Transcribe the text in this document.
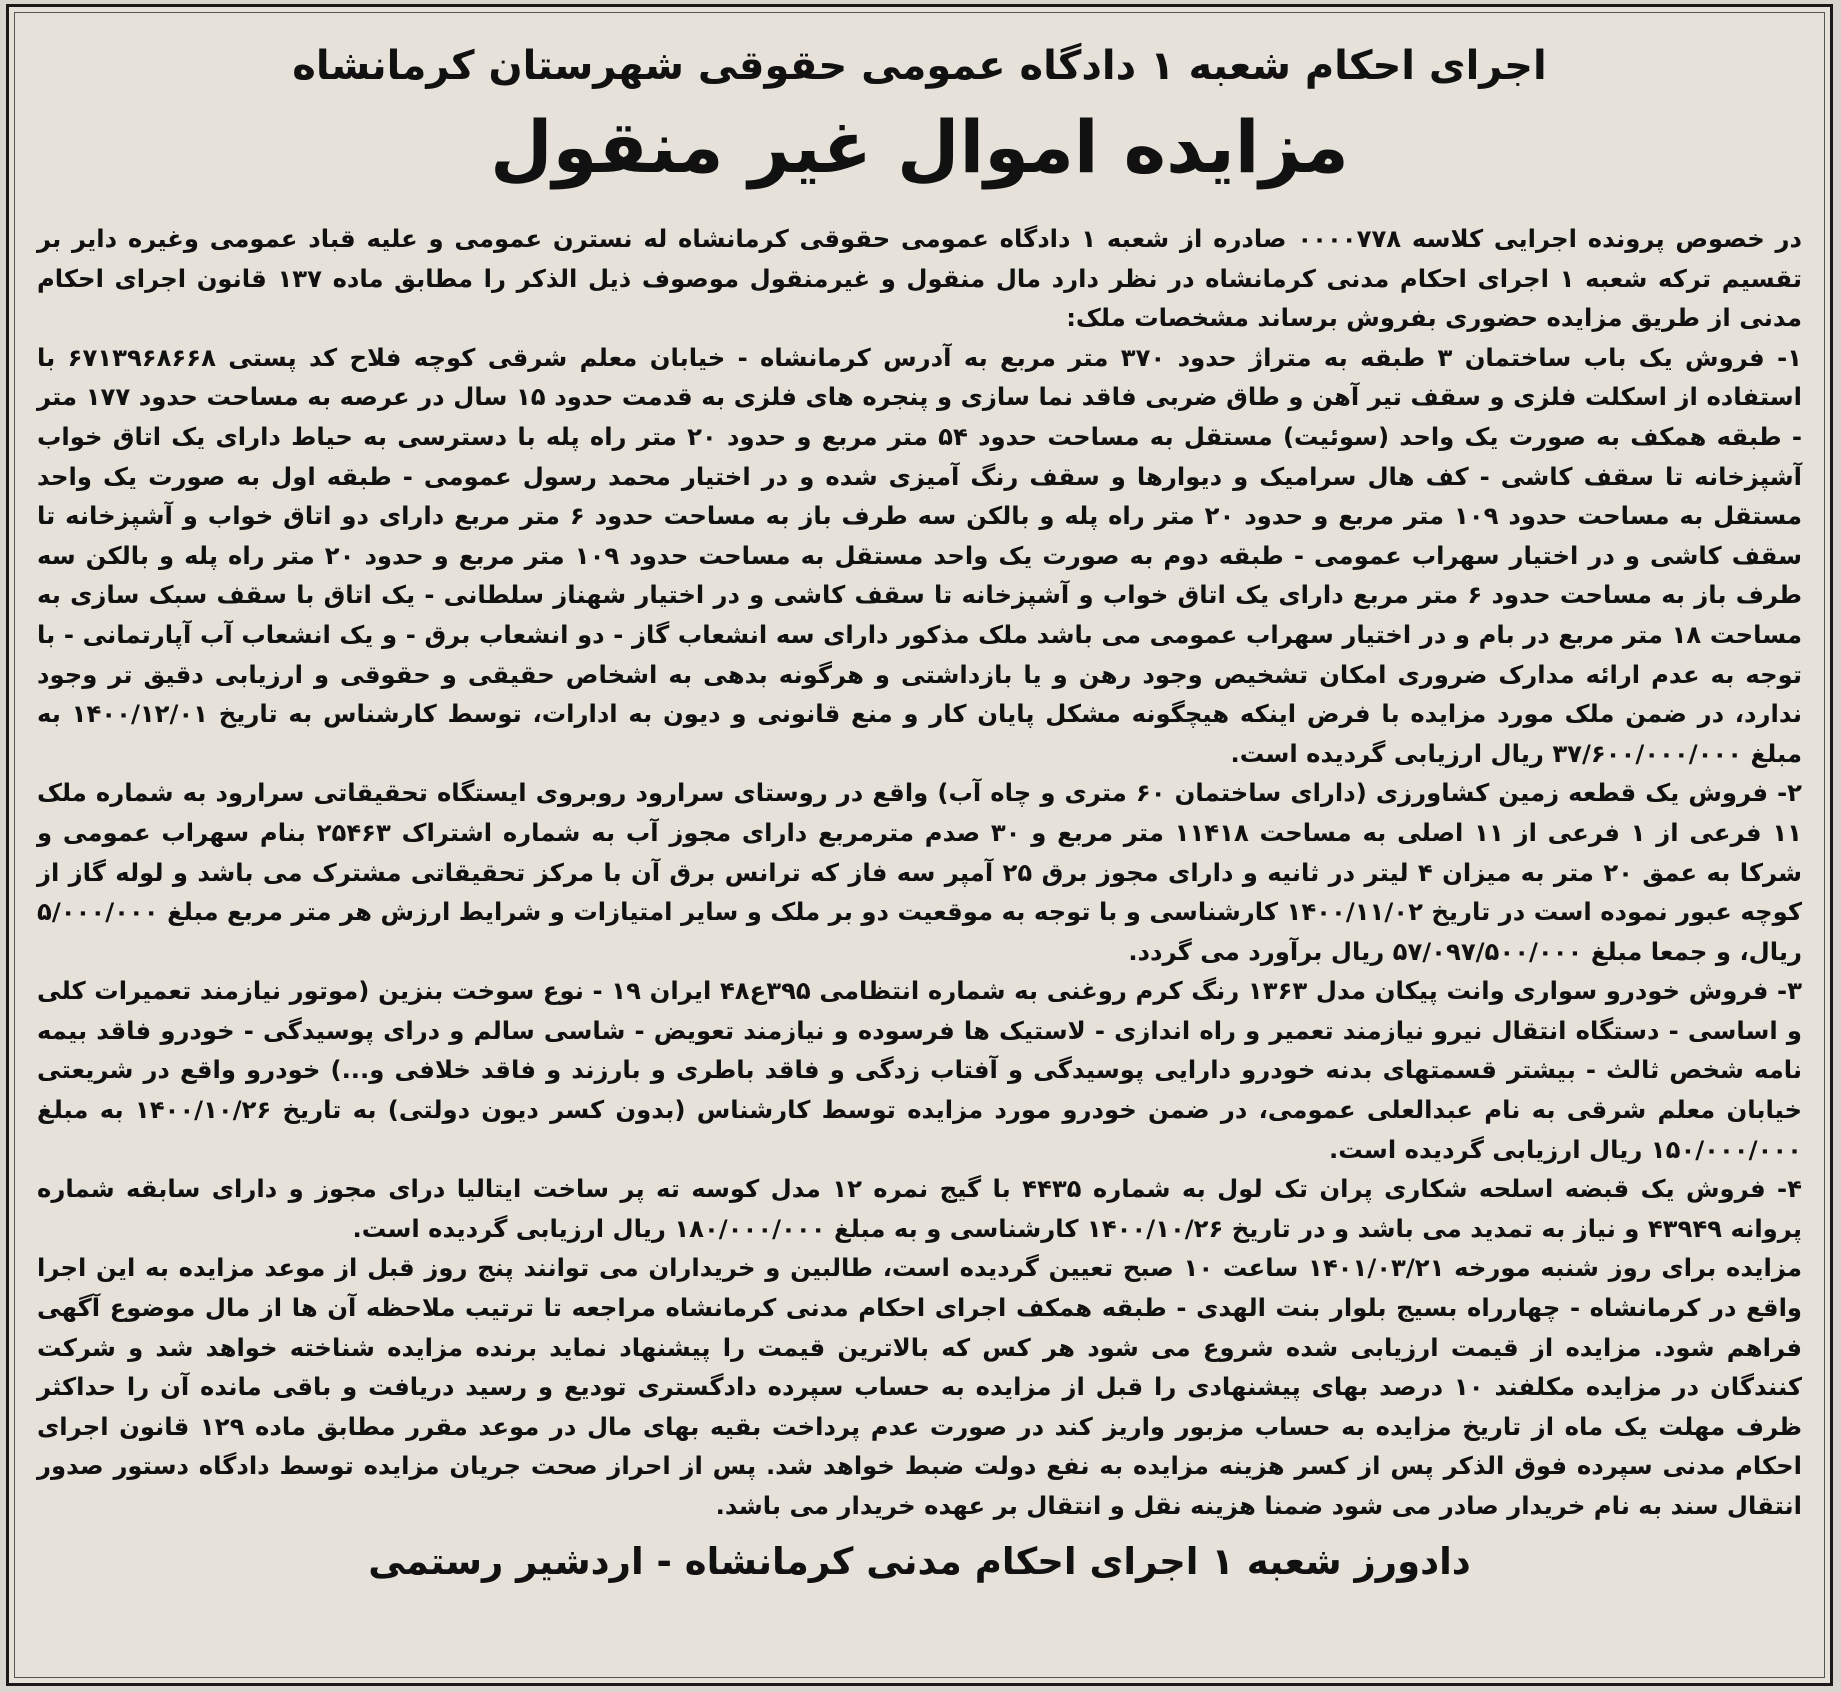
اجرای احکام شعبه ۱ دادگاه عمومی حقوقی شهرستان کرمانشاه
مزایده اموال غیر منقول

در خصوص پرونده اجرایی کلاسه ۰۰۰۰۷۷۸ صادره از شعبه ۱ دادگاه عمومی حقوقی کرمانشاه له نسترن عمومی و علیه قباد عمومی وغیره دایر بر تقسیم ترکه شعبه ۱ اجرای احکام مدنی کرمانشاه در نظر دارد مال منقول و غیرمنقول موصوف ذیل الذکر را مطابق ماده ۱۳۷ قانون اجرای احکام مدنی از طریق مزایده حضوری بفروش برساند مشخصات ملک:

۱- فروش یک باب ساختمان ۳ طبقه به متراژ حدود ۳۷۰ متر مربع به آدرس کرمانشاه - خیابان معلم شرقی کوچه فلاح کد پستی ۶۷۱۳۹۶۸۶۶۸ با استفاده از اسکلت فلزی و سقف تیر آهن و طاق ضربی فاقد نما سازی و پنجره های فلزی به قدمت حدود ۱۵ سال در عرصه به مساحت حدود ۱۷۷ متر - طبقه همکف به صورت یک واحد (سوئیت) مستقل به مساحت حدود ۵۴ متر مربع و حدود ۲۰ متر راه پله با دسترسی به حیاط دارای یک اتاق خواب آشپزخانه تا سقف کاشی - کف هال سرامیک و دیوارها و سقف رنگ آمیزی شده و در اختیار محمد رسول عمومی - طبقه اول به صورت یک واحد مستقل به مساحت حدود ۱۰۹ متر مربع و حدود ۲۰ متر راه پله و بالکن سه طرف باز به مساحت حدود ۶ متر مربع دارای دو اتاق خواب و آشپزخانه تا سقف کاشی و در اختیار سهراب عمومی - طبقه دوم به صورت یک واحد مستقل به مساحت حدود ۱۰۹ متر مربع و حدود ۲۰ متر راه پله و بالکن سه طرف باز به مساحت حدود ۶ متر مربع دارای یک اتاق خواب و آشپزخانه تا سقف کاشی و در اختیار شهناز سلطانی - یک اتاق با سقف سبک سازی به مساحت ۱۸ متر مربع در بام و در اختیار سهراب عمومی می باشد ملک مذکور دارای سه انشعاب گاز - دو انشعاب برق - و یک انشعاب آب آپارتمانی - با توجه به عدم ارائه مدارک ضروری امکان تشخیص وجود رهن و یا بازداشتی و هرگونه بدهی به اشخاص حقیقی و حقوقی و ارزیابی دقیق تر وجود ندارد، در ضمن ملک مورد مزایده با فرض اینکه هیچگونه مشکل پایان کار و منع قانونی و دیون به ادارات، توسط کارشناس به تاریخ ۱۴۰۰/۱۲/۰۱ به مبلغ ۳۷/۶۰۰/۰۰۰/۰۰۰ ریال ارزیابی گردیده است.

۲- فروش یک قطعه زمین کشاورزی (دارای ساختمان ۶۰ متری و چاه آب) واقع در روستای سرارود روبروی ایستگاه تحقیقاتی سرارود به شماره ملک ۱۱ فرعی از ۱ فرعی از ۱۱ اصلی به مساحت ۱۱۴۱۸ متر مربع و ۳۰ صدم مترمربع دارای مجوز آب به شماره اشتراک ۲۵۴۶۳ بنام سهراب عمومی و شرکا به عمق ۲۰ متر به میزان ۴ لیتر در ثانیه و دارای مجوز برق ۲۵ آمپر سه فاز که ترانس برق آن با مرکز تحقیقاتی مشترک می باشد و لوله گاز از کوچه عبور نموده است در تاریخ ۱۴۰۰/۱۱/۰۲ کارشناسی و با توجه به موقعیت دو بر ملک و سایر امتیازات و شرایط ارزش هر متر مربع مبلغ ۵/۰۰۰/۰۰۰ ریال، و جمعا مبلغ ۵۷/۰۹۷/۵۰۰/۰۰۰ ریال برآورد می گردد.

۳- فروش خودرو سواری وانت پیکان مدل ۱۳۶۳ رنگ کرم روغنی به شماره انتظامی ۳۹۵ع۴۸ ایران ۱۹ - نوع سوخت بنزین (موتور نیازمند تعمیرات کلی و اساسی - دستگاه انتقال نیرو نیازمند تعمیر و راه اندازی - لاستیک ها فرسوده و نیازمند تعویض - شاسی سالم و درای پوسیدگی - خودرو فاقد بیمه نامه شخص ثالث - بیشتر قسمتهای بدنه خودرو دارایی پوسیدگی و آفتاب زدگی و فاقد باطری و بارزند و فاقد خلافی و...) خودرو واقع در شریعتی خیابان معلم شرقی به نام عبدالعلی عمومی، در ضمن خودرو مورد مزایده توسط کارشناس (بدون کسر دیون دولتی) به تاریخ ۱۴۰۰/۱۰/۲۶ به مبلغ ۱۵۰/۰۰۰/۰۰۰ ریال ارزیابی گردیده است.

۴- فروش یک قبضه اسلحه شکاری پران تک لول به شماره ۴۴۳۵ با گیج نمره ۱۲ مدل کوسه ته پر ساخت ایتالیا درای مجوز و دارای سابقه شماره پروانه ۴۳۹۴۹ و نیاز به تمدید می باشد و در تاریخ ۱۴۰۰/۱۰/۲۶ کارشناسی و به مبلغ ۱۸۰/۰۰۰/۰۰۰ ریال ارزیابی گردیده است.

مزایده برای روز شنبه مورخه ۱۴۰۱/۰۳/۲۱ ساعت ۱۰ صبح تعیین گردیده است، طالبین و خریداران می توانند پنج روز قبل از موعد مزایده به این اجرا واقع در کرمانشاه - چهارراه بسیج بلوار بنت الهدی - طبقه همکف اجرای احکام مدنی کرمانشاه مراجعه تا ترتیب ملاحظه آن ها از مال موضوع آگهی فراهم شود. مزایده از قیمت ارزیابی شده شروع می شود هر کس که بالاترین قیمت را پیشنهاد نماید برنده مزایده شناخته خواهد شد و شرکت کنندگان در مزایده مکلفند ۱۰ درصد بهای پیشنهادی را قبل از مزایده به حساب سپرده دادگستری تودیع و رسید دریافت و باقی مانده آن را حداکثر ظرف مهلت یک ماه از تاریخ مزایده به حساب مزبور واریز کند در صورت عدم پرداخت بقیه بهای مال در موعد مقرر مطابق ماده ۱۲۹ قانون اجرای احکام مدنی سپرده فوق الذکر پس از کسر هزینه مزایده به نفع دولت ضبط خواهد شد. پس از احراز صحت جریان مزایده توسط دادگاه دستور صدور انتقال سند به نام خریدار صادر می شود ضمنا هزینه نقل و انتقال بر عهده خریدار می باشد.

دادورز شعبه ۱ اجرای احکام مدنی کرمانشاه - اردشیر رستمی
